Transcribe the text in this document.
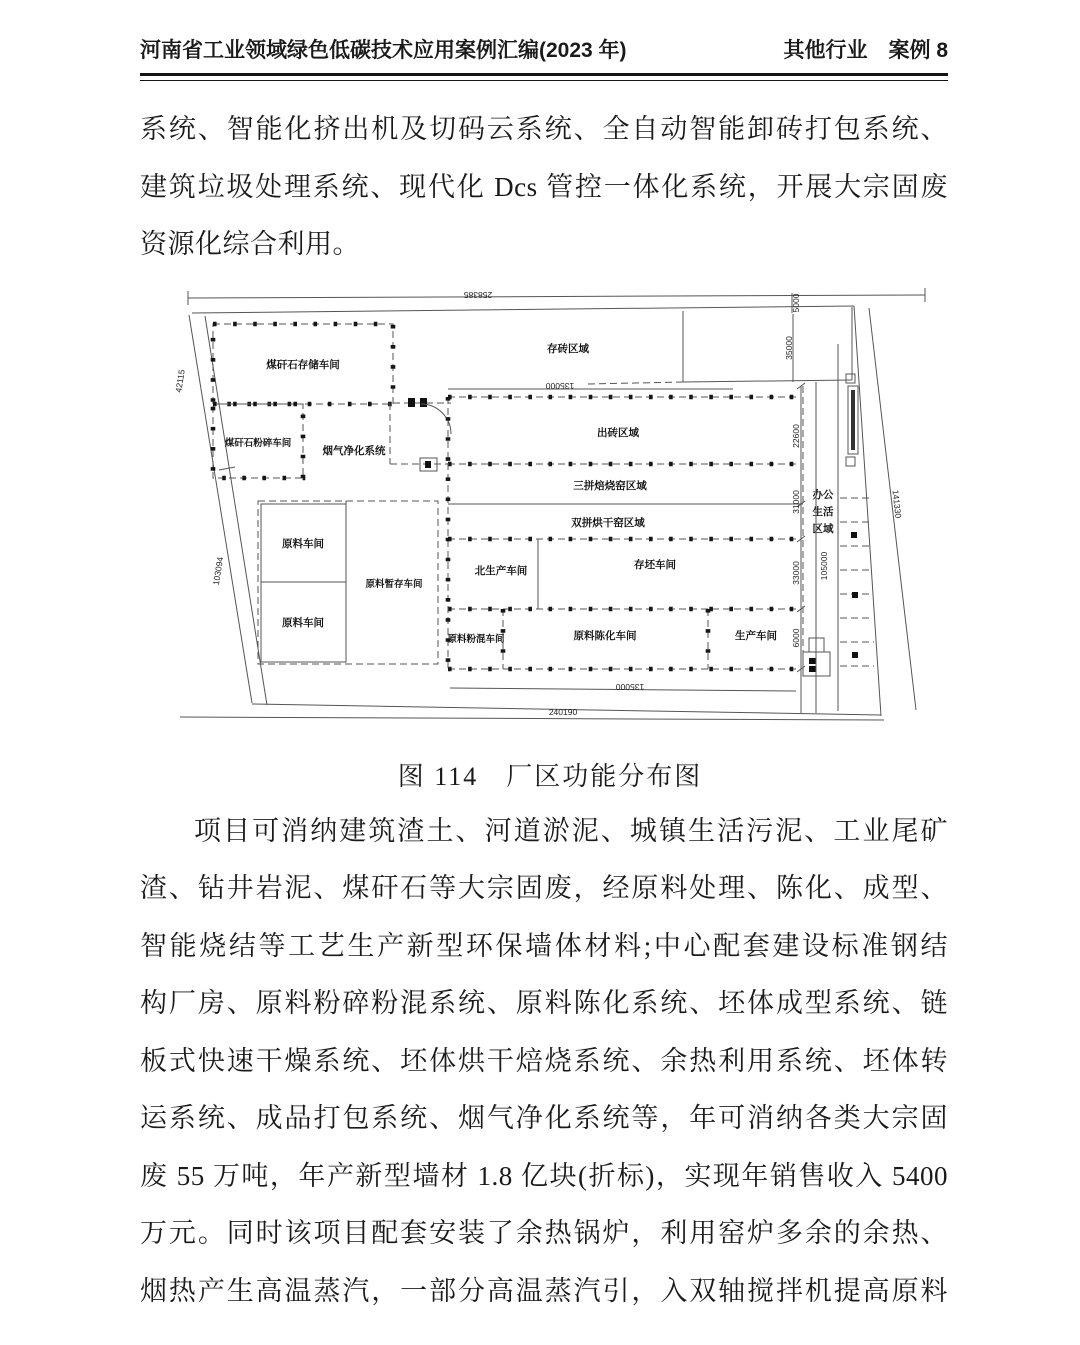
河南省工业领域绿色低碳技术应用案例汇编(2023 年)	其他行业　案例 8
系统、智能化挤出机及切码云系统、全自动智能卸砖打包系统、
建筑垃圾处理系统、现代化 Dcs 管控一体化系统，开展大宗固废
资源化综合利用。
258385	5000
42115
103094
141330
135000
240190
煤矸石存储车间
煤矸石粉碎车间
烟气净化系统
原料车间
原料车间
原料暂存车间
135000
存砖区域
出砖区域
三拼焙烧窑区域
双拼烘干窑区域
北生产车间	存坯车间
原料粉混车间	原料陈化车间	生产车间
办公
生活
区域
35000
22600
31000
33000 105000
6000
图 114　厂区功能分布图
项目可消纳建筑渣土、河道淤泥、城镇生活污泥、工业尾矿
渣、钻井岩泥、煤矸石等大宗固废，经原料处理、陈化、成型、
智能烧结等工艺生产新型环保墙体材料;中心配套建设标准钢结
构厂房、原料粉碎粉混系统、原料陈化系统、坯体成型系统、链
板式快速干燥系统、坯体烘干焙烧系统、余热利用系统、坯体转
运系统、成品打包系统、烟气净化系统等，年可消纳各类大宗固
废 55 万吨，年产新型墙材 1.8 亿块(折标)，实现年销售收入 5400
万元。同时该项目配套安装了余热锅炉，利用窑炉多余的余热、
烟热产生高温蒸汽，一部分高温蒸汽引，入双轴搅拌机提高原料
